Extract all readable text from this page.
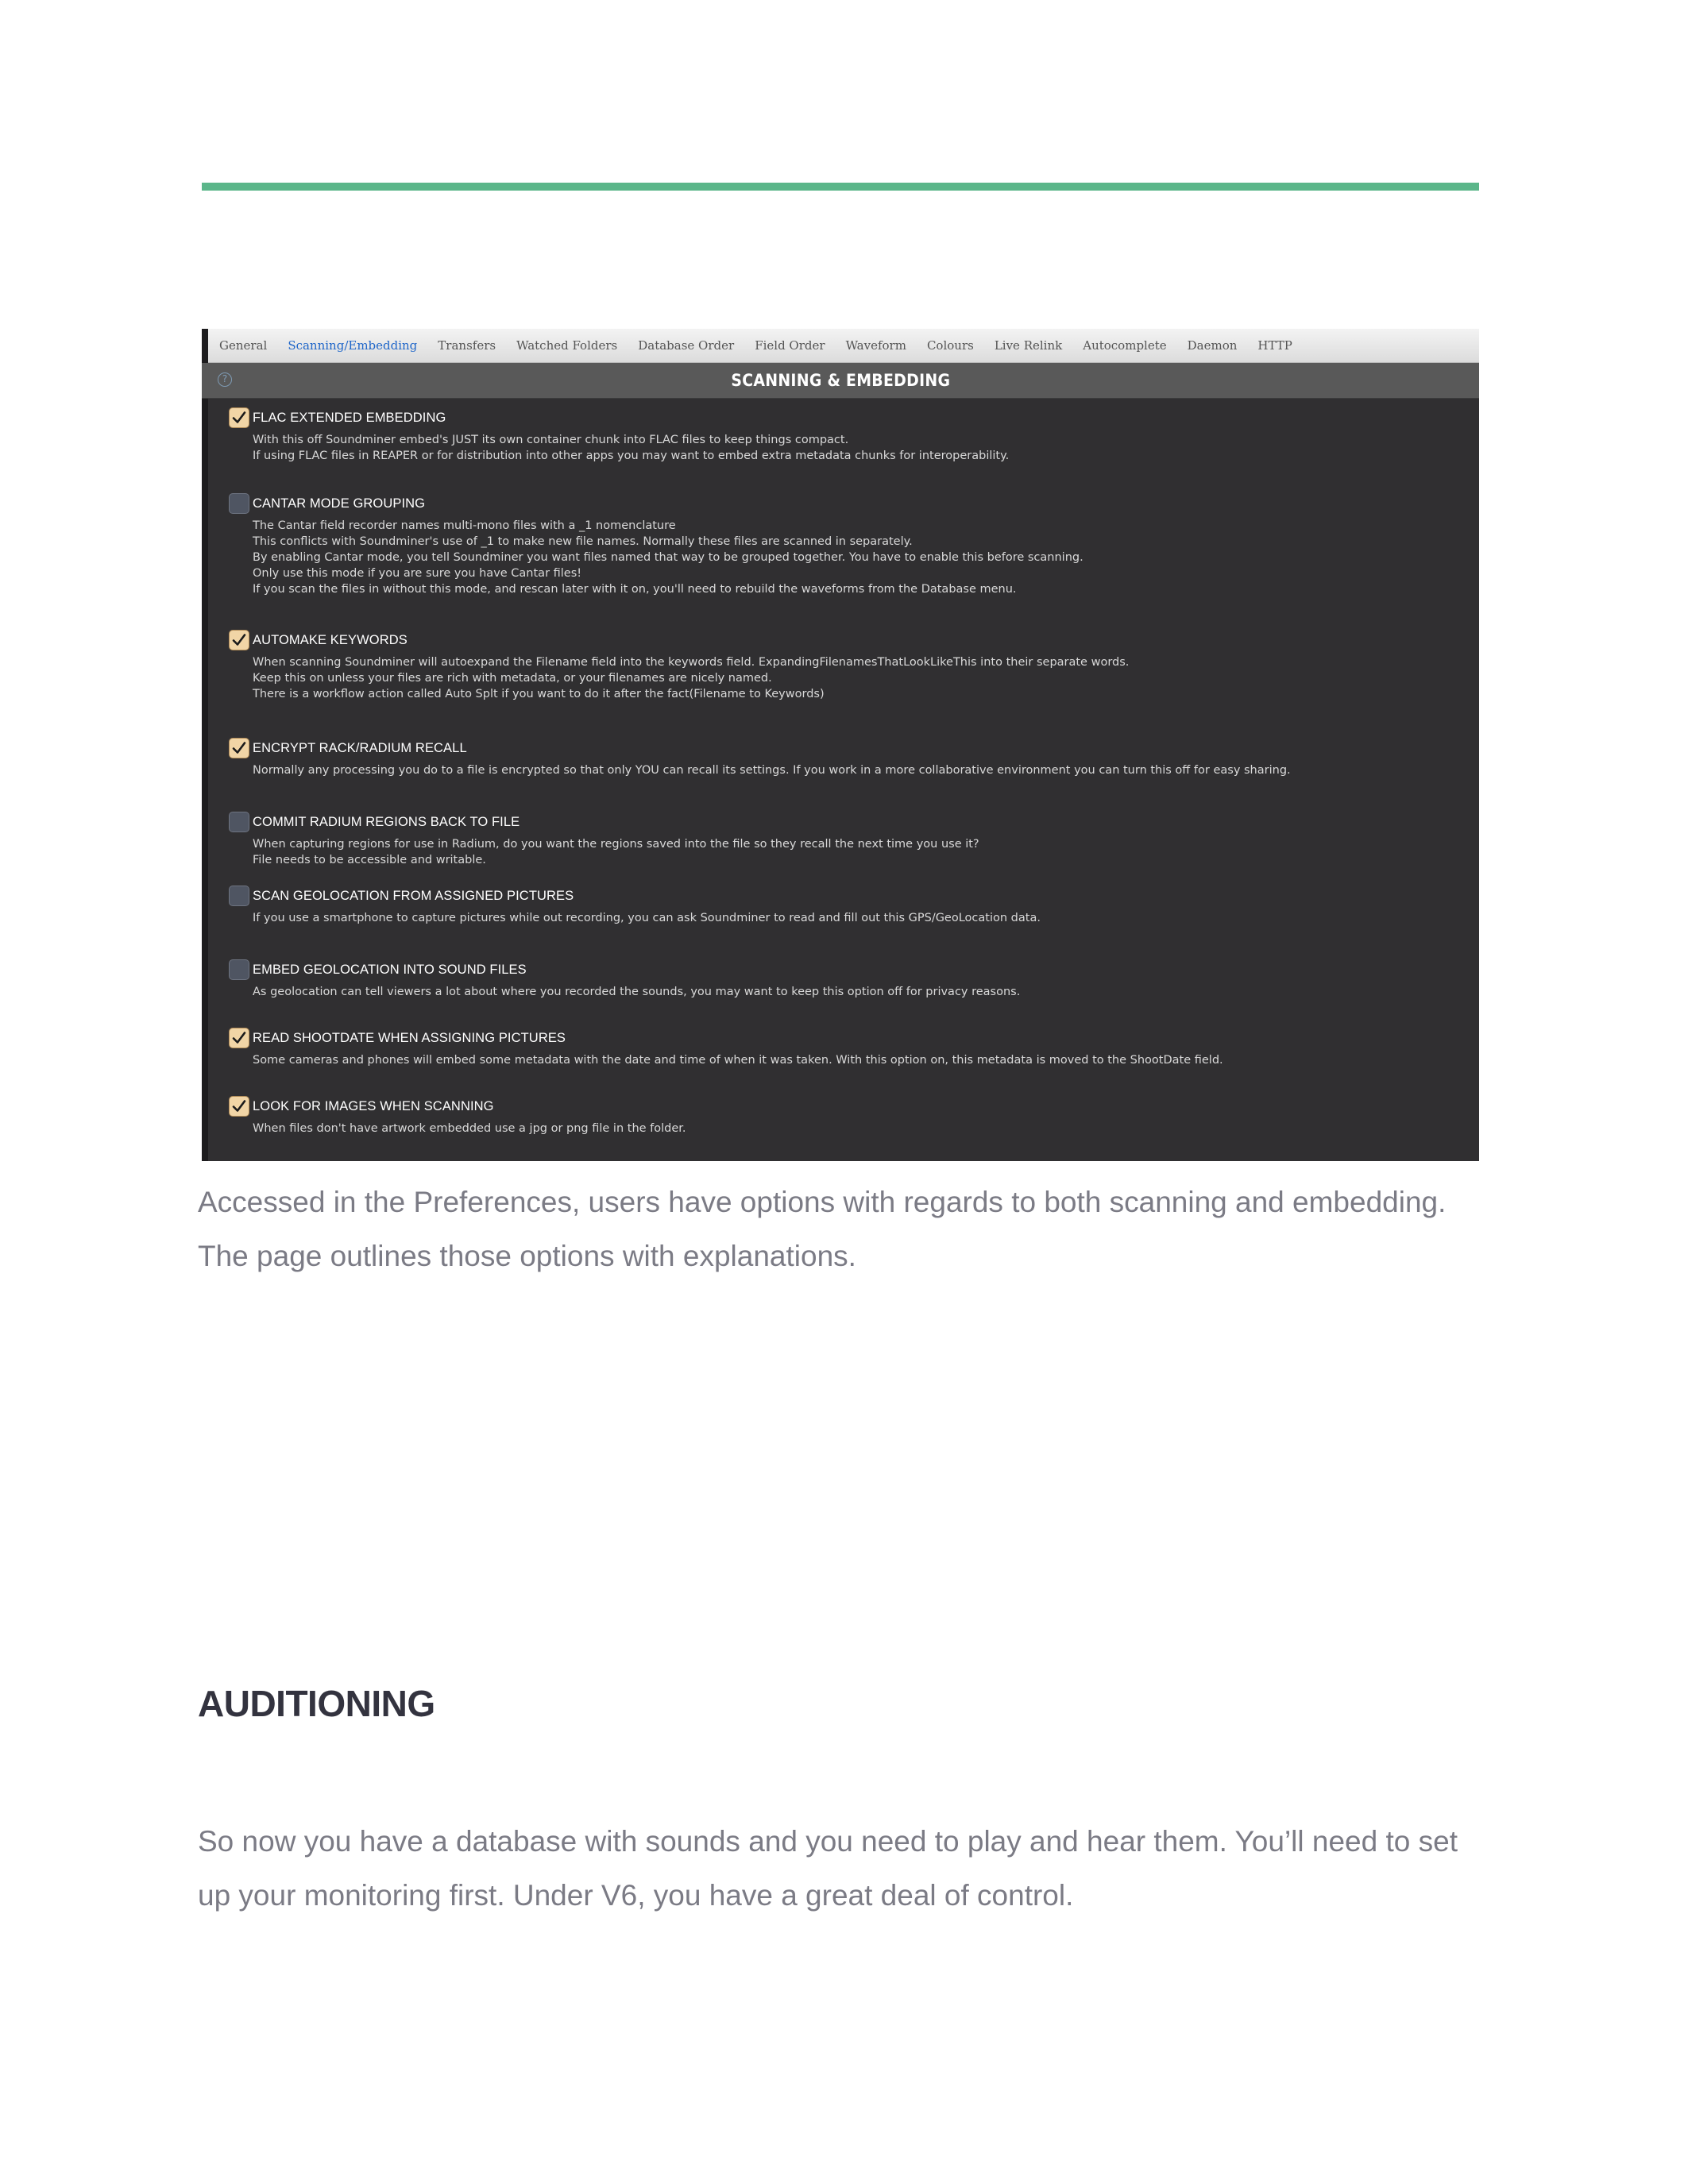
General Scanning/Embedding Transfers Watched Folders Database Order Field Order Waveform Colours Live Relink Autocomplete Daemon HTTP
?	SCANNING & EMBEDDING
FLAC EXTENDED EMBEDDING
With this off Soundminer embed's JUST its own container chunk into FLAC files to keep things compact.
If using FLAC files in REAPER or for distribution into other apps you may want to embed extra metadata chunks for interoperability.
CANTAR MODE GROUPING
The Cantar field recorder names multi-mono files with a _1 nomenclature
This conflicts with Soundminer's use of _1 to make new file names. Normally these files are scanned in separately.
By enabling Cantar mode, you tell Soundminer you want files named that way to be grouped together. You have to enable this before scanning.
Only use this mode if you are sure you have Cantar files!
If you scan the files in without this mode, and rescan later with it on, you'll need to rebuild the waveforms from the Database menu.
AUTOMAKE KEYWORDS
When scanning Soundminer will autoexpand the Filename field into the keywords field. ExpandingFilenamesThatLookLikeThis into their separate words.
Keep this on unless your files are rich with metadata, or your filenames are nicely named.
There is a workflow action called Auto Splt if you want to do it after the fact(Filename to Keywords)
ENCRYPT RACK/RADIUM RECALL
Normally any processing you do to a file is encrypted so that only YOU can recall its settings. If you work in a more collaborative environment you can turn this off for easy sharing.
COMMIT RADIUM REGIONS BACK TO FILE
When capturing regions for use in Radium, do you want the regions saved into the file so they recall the next time you use it?
File needs to be accessible and writable.
SCAN GEOLOCATION FROM ASSIGNED PICTURES
If you use a smartphone to capture pictures while out recording, you can ask Soundminer to read and fill out this GPS/GeoLocation data.
EMBED GEOLOCATION INTO SOUND FILES
As geolocation can tell viewers a lot about where you recorded the sounds, you may want to keep this option off for privacy reasons.
READ SHOOTDATE WHEN ASSIGNING PICTURES
Some cameras and phones will embed some metadata with the date and time of when it was taken. With this option on, this metadata is moved to the ShootDate field.
LOOK FOR IMAGES WHEN SCANNING
When files don't have artwork embedded use a jpg or png file in the folder.
Accessed in the Preferences, users have options with regards to both scanning and embedding.
The page outlines those options with explanations.
AUDITIONING
So now you have a database with sounds and you need to play and hear them. You’ll need to set
up your monitoring first. Under V6, you have a great deal of control.
